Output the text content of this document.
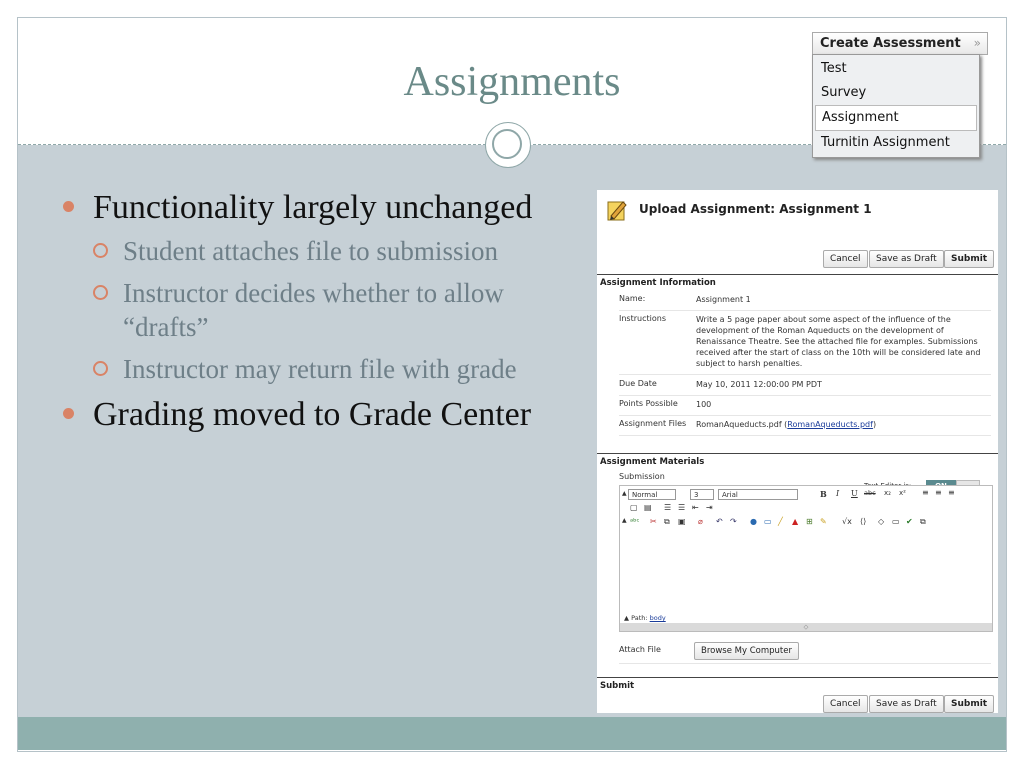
Assignments
Functionality largely unchanged
Student attaches file to submission
Instructor decides whether to allow “drafts”
Instructor may return file with grade
Grading moved to Grade Center
Create Assessment »
Test
Survey
Assignment
Turnitin Assignment
Upload Assignment: Assignment 1
Cancel	Save as Draft	Submit
Assignment Information
Name:	Assignment 1
Instructions	Write a 5 page paper about some aspect of the influence of the development of the Roman Aqueducts on the development of Renaissance Theatre. See the attached file for examples. Submissions received after the start of class on the 10th will be considered late and subject to harsh penalties.
Due Date	May 10, 2011 12:00:00 PM PDT
Points Possible	100
Assignment Files	RomanAqueducts.pdf (RomanAqueducts.pdf)
Assignment Materials
Submission
▲ Normal	3	Arial	B I U abc x₂ x² ≡ ≡ ≡
▢ ▤ ☰ ☰ ⇤ ⇥
▲ ᵃᵇᶜ ✂ ⧉ ▣ ⌀ ↶ ↷ ● ▭ ╱ ▲ ⊞ ✎ √x ⟨⟩ ◇ ▭ ✔ ⧉
▲ Path: body
⬦
Attach File	Browse My Computer
Submit
Cancel	Save as Draft	Submit
